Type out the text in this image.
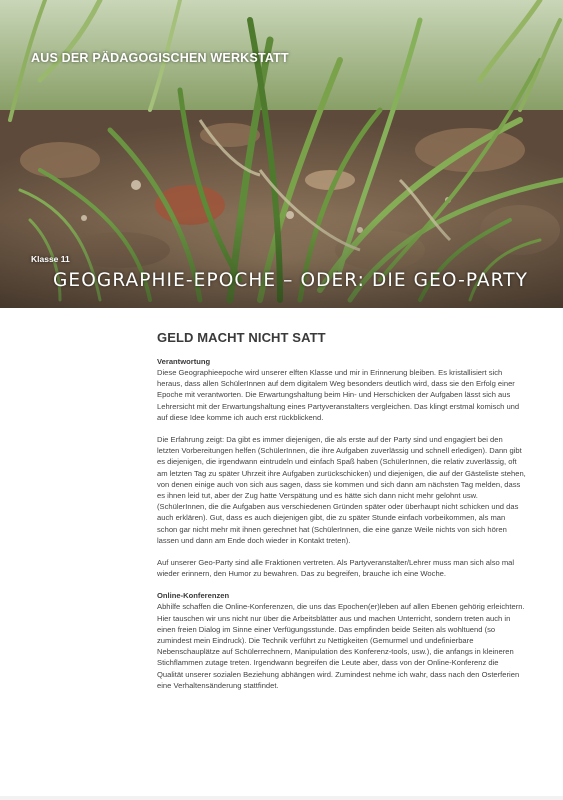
AUS DER PÄDAGOGISCHEN WERKSTATT
Klasse 11
GEOGRAPHIE-EPOCHE – ODER: DIE GEO-PARTY
GELD MACHT NICHT SATT
Verantwortung

Diese Geographieepoche wird unserer elften Klasse und mir in Erinnerung bleiben. Es kristallisiert sich heraus, dass allen SchülerInnen auf dem digitalem Weg besonders deutlich wird, dass sie den Erfolg einer Epoche mit verantworten. Die Erwartungshaltung beim Hin- und Herschicken der Aufgaben lässt sich aus Lehrersicht mit der Erwartungshaltung eines Partyveranstalters vergleichen. Das klingt erstmal komisch und auf diese Idee komme ich auch erst rückblickend.

Die Erfahrung zeigt: Da gibt es immer diejenigen, die als erste auf der Party sind und engagiert bei den letzten Vorbereitungen helfen (SchülerInnen, die ihre Aufgaben zuverlässig und schnell erledigen). Dann gibt es diejenigen, die irgendwann eintrudeln und einfach Spaß haben (SchülerInnen, die relativ zuverlässig, oft am letzten Tag zu später Uhrzeit ihre Aufgaben zurückschicken) und diejenigen, die auf der Gästeliste stehen, von denen einige auch von sich aus sagen, dass sie kommen und sich dann am nächsten Tag melden, dass es ihnen leid tut, aber der Zug hatte Verspätung und es hätte sich dann nicht mehr gelohnt usw. (SchülerInnen, die die Aufgaben aus verschiedenen Gründen später oder überhaupt nicht schicken und das auch erklären). Gut, dass es auch diejenigen gibt, die zu später Stunde einfach vorbeikommen, als man schon gar nicht mehr mit ihnen gerechnet hat (SchülerInnen, die eine ganze Weile nichts von sich hören lassen und dann am Ende doch wieder in Kontakt treten).

Auf unserer Geo-Party sind alle Fraktionen vertreten. Als Partyveranstalter/Lehrer muss man sich also mal wieder erinnern, den Humor zu bewahren. Das zu begreifen, brauche ich eine Woche.

Online-Konferenzen

Abhilfe schaffen die Online-Konferenzen, die uns das Epochen(er)leben auf allen Ebenen gehörig erleichtern. Hier tauschen wir uns nicht nur über die Arbeitsblätter aus und machen Unterricht, sondern treten auch in einen freien Dialog im Sinne einer Verfügungsstunde. Das empfinden beide Seiten als wohltuend (so zumindest mein Eindruck). Die Technik verführt zu Nettigkeiten (Gemurmel und undefinierbare Nebenschauplätze auf Schülerrechnern, Manipulation des Konferenz-tools, usw.), die anfangs in kleineren Stichflammen zutage treten. Irgendwann begreifen die Leute aber, dass von der Online-Konferenz die Qualität unserer sozialen Beziehung abhängen wird. Zumindest nehme ich wahr, dass nach den Osterferien eine Verhaltensänderung stattfindet.
